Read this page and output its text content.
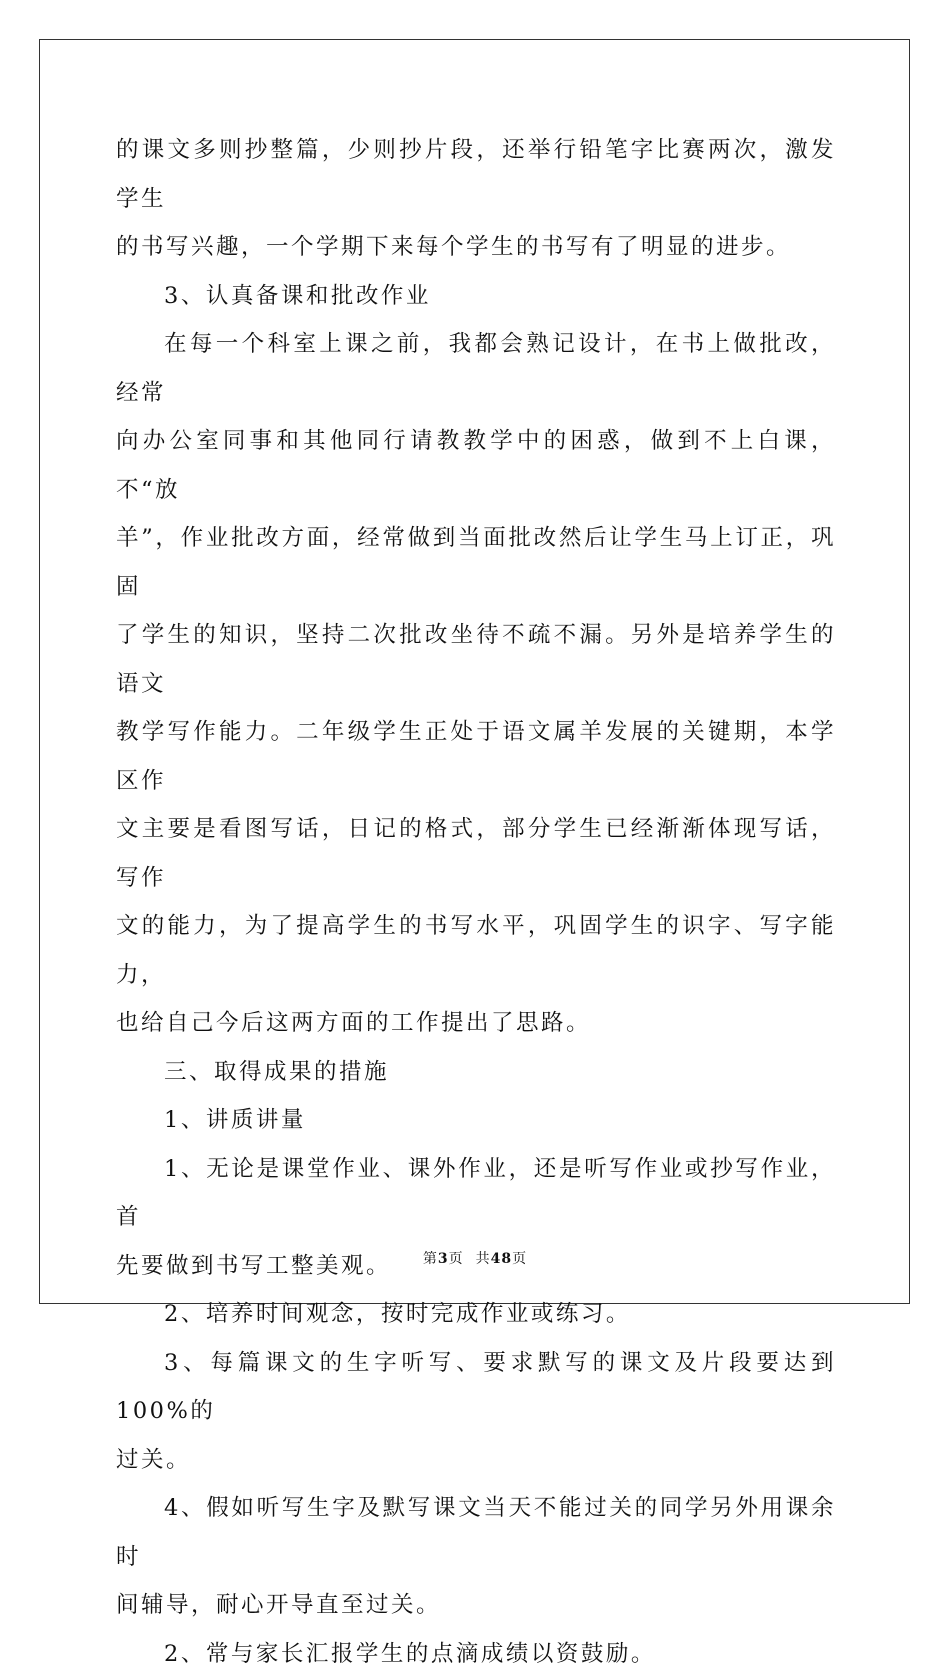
的课文多则抄整篇，少则抄片段，还举行铅笔字比赛两次，激发学生
的书写兴趣，一个学期下来每个学生的书写有了明显的进步。

3、认真备课和批改作业

在每一个科室上课之前，我都会熟记设计，在书上做批改，经常

向办公室同事和其他同行请教教学中的困惑，做到不上白课，不“放
羊”，作业批改方面，经常做到当面批改然后让学生马上订正，巩固
了学生的知识，坚持二次批改坐待不疏不漏。另外是培养学生的语文
教学写作能力。二年级学生正处于语文属羊发展的关键期，本学区作
文主要是看图写话，日记的格式，部分学生已经渐渐体现写话，写作
文的能力，为了提高学生的书写水平，巩固学生的识字、写字能力，
也给自己今后这两方面的工作提出了思路。

三、取得成果的措施

1、讲质讲量

1、无论是课堂作业、课外作业，还是听写作业或抄写作业，首

先要做到书写工整美观。

2、培养时间观念，按时完成作业或练习。

3、每篇课文的生字听写、要求默写的课文及片段要达到100%的

过关。

4、假如听写生字及默写课文当天不能过关的同学另外用课余时

间辅导，耐心开导直至过关。

2、常与家长汇报学生的点滴成绩以资鼓励。

第3页 共48页
